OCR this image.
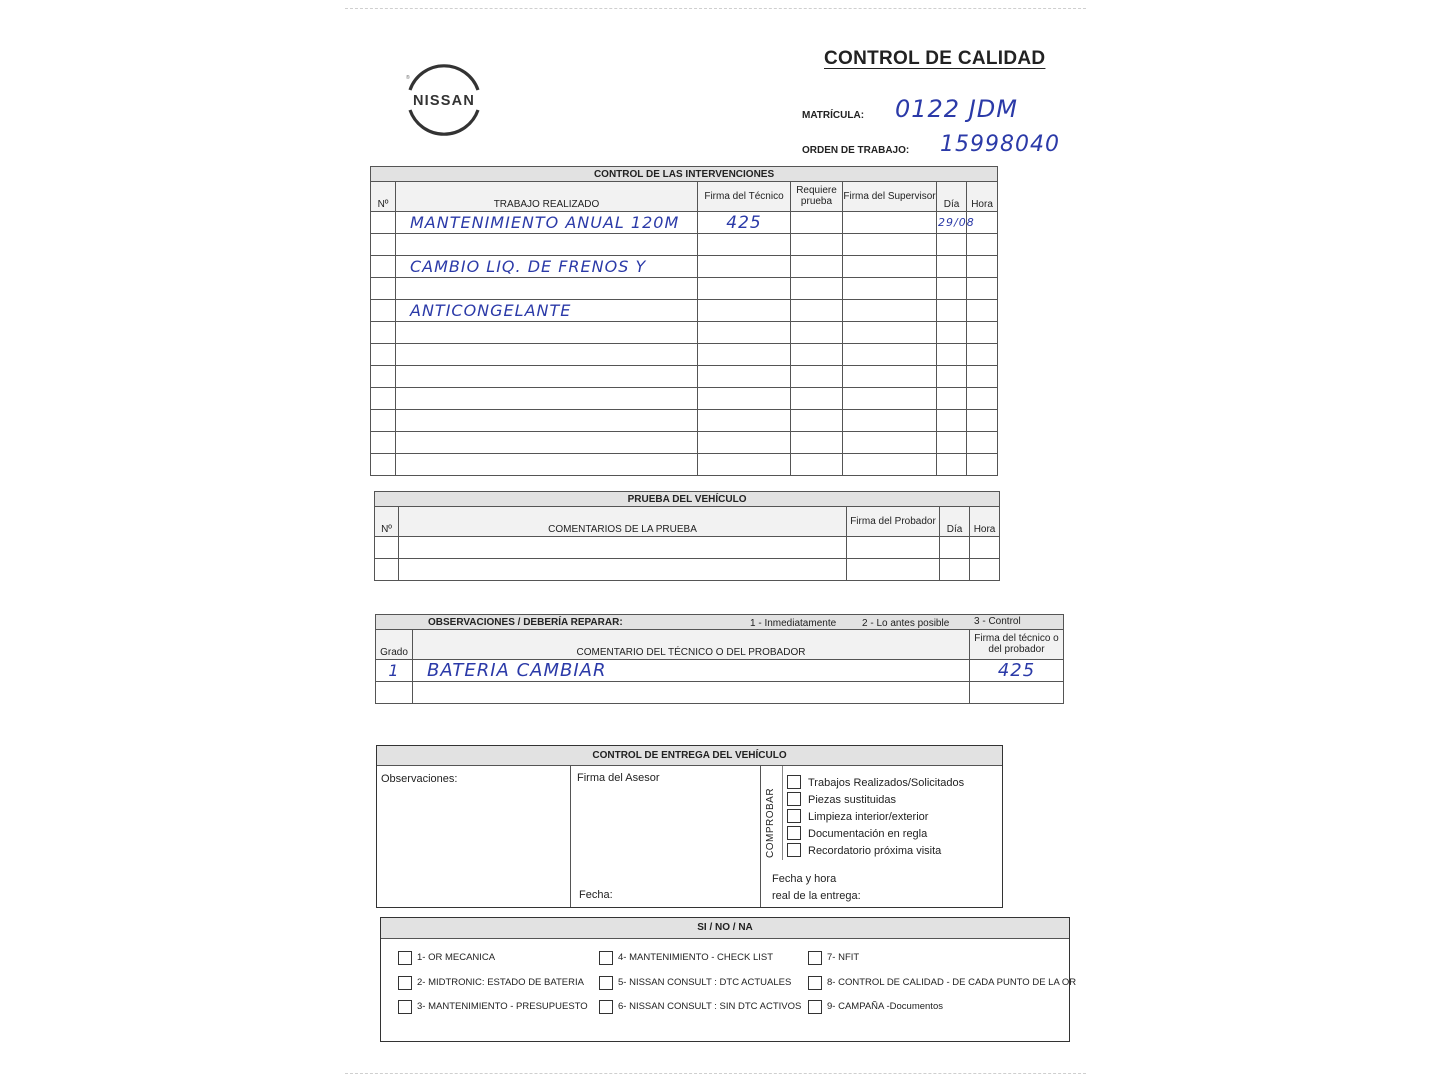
NISSAN
®
CONTROL DE CALIDAD
MATRÍCULA: 0122 JDM
ORDEN DE TRABAJO: 15998040
CONTROL DE LAS INTERVENCIONES						
Nº	TRABAJO REALIZADO	Firma del Técnico	Requiere prueba	Firma del Supervisor	Día	Hora
	MANTENIMIENTO ANUAL 120M	425			29/08	

	CAMBIO LIQ. DE FRENOS Y					

	ANTICONGELANTE					

PRUEBA DEL VEHÍCULO				
Nº	COMENTARIOS DE LA PRUEBA	Firma del Probador	Día	Hora

OBSERVACIONES / DEBERÍA REPARAR: 1 - Inmediatamente 2 - Lo antes posible 3 - Control		

Grado	COMENTARIO DEL TÉCNICO O DEL PROBADOR	Firma del técnico o del probador
1	BATERIA CAMBIAR	425

CONTROL DE ENTREGA DEL VEHÍCULO
Observaciones:	Firma del Asesor
Fecha:
COMPROBAR
Trabajos Realizados/Solicitados
Piezas sustituidas
Limpieza interior/exterior
Documentación en regla
Recordatorio próxima visita
Fecha y hora
real de la entrega:
SI / NO / NA
1- OR MECANICA
2- MIDTRONIC: ESTADO DE BATERIA
3- MANTENIMIENTO - PRESUPUESTO
4- MANTENIMIENTO - CHECK LIST
5- NISSAN CONSULT : DTC ACTUALES
6- NISSAN CONSULT : SIN DTC ACTIVOS
7- NFIT
8- CONTROL DE CALIDAD - DE CADA PUNTO DE LA OR
9- CAMPAÑA -Documentos
